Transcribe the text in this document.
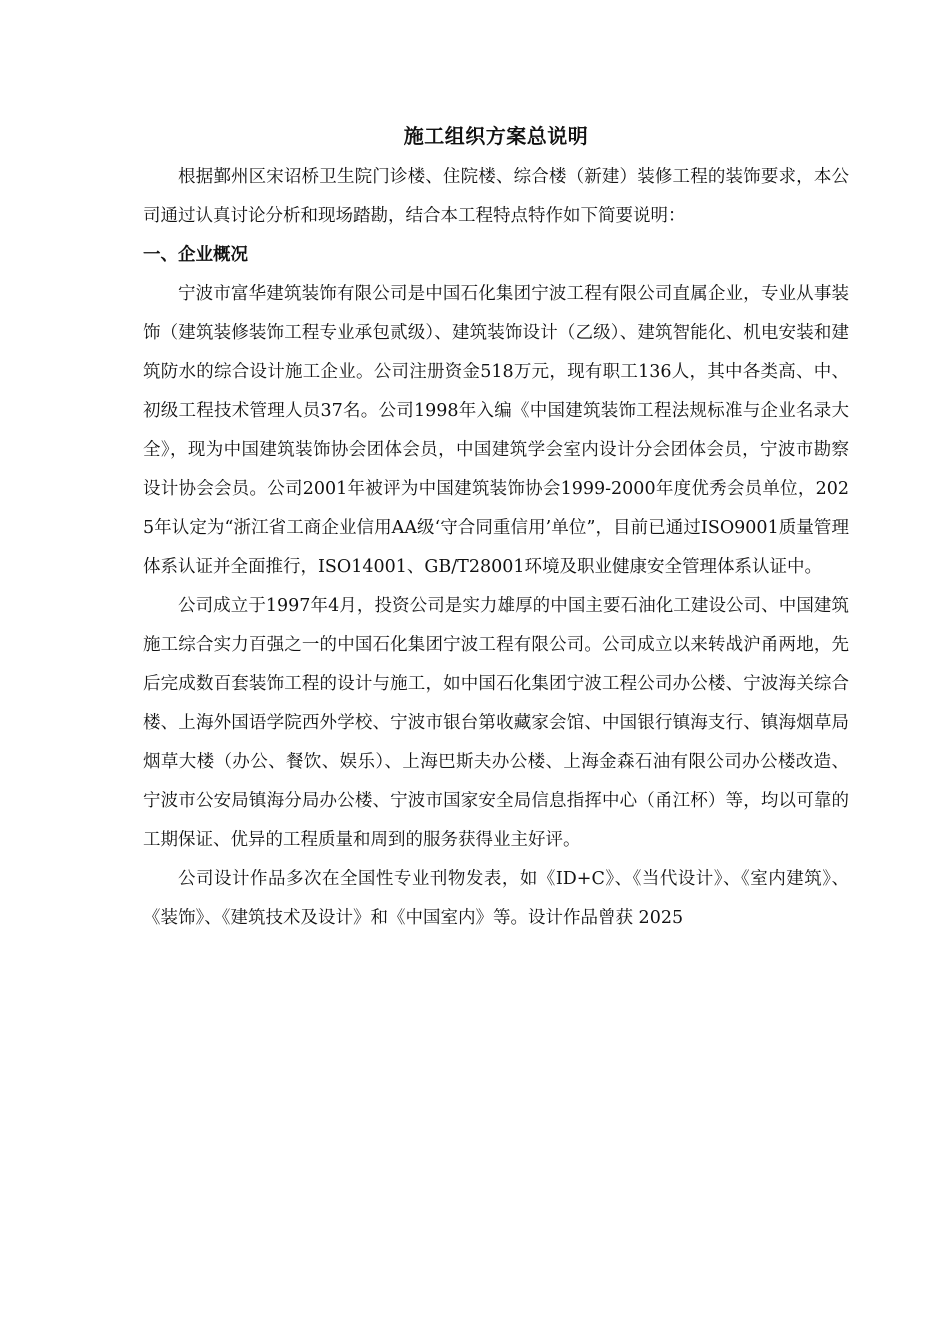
施工组织方案总说明

根据鄞州区宋诏桥卫生院门诊楼、住院楼、综合楼（新建）装修工程的装饰要求，本公司通过认真讨论分析和现场踏勘，结合本工程特点特作如下简要说明：

一、企业概况

宁波市富华建筑装饰有限公司是中国石化集团宁波工程有限公司直属企业，专业从事装饰（建筑装修装饰工程专业承包贰级）、建筑装饰设计（乙级）、建筑智能化、机电安装和建筑防水的综合设计施工企业。公司注册资金518万元，现有职工136人，其中各类高、中、初级工程技术管理人员37名。公司1998年入编《中国建筑装饰工程法规标准与企业名录大全》，现为中国建筑装饰协会团体会员，中国建筑学会室内设计分会团体会员，宁波市勘察设计协会会员。公司2001年被评为中国建筑装饰协会1999-2000年度优秀会员单位，2025年认定为“浙江省工商企业信用AA级‘守合同重信用’单位”，目前已通过ISO9001质量管理体系认证并全面推行，ISO14001、GB/T28001环境及职业健康安全管理体系认证中。

公司成立于1997年4月，投资公司是实力雄厚的中国主要石油化工建设公司、中国建筑施工综合实力百强之一的中国石化集团宁波工程有限公司。公司成立以来转战沪甬两地，先后完成数百套装饰工程的设计与施工，如中国石化集团宁波工程公司办公楼、宁波海关综合楼、上海外国语学院西外学校、宁波市银台第收藏家会馆、中国银行镇海支行、镇海烟草局烟草大楼（办公、餐饮、娱乐）、上海巴斯夫办公楼、上海金森石油有限公司办公楼改造、宁波市公安局镇海分局办公楼、宁波市国家安全局信息指挥中心（甬江杯）等，均以可靠的工期保证、优异的工程质量和周到的服务获得业主好评。

公司设计作品多次在全国性专业刊物发表，如《ID+C》、《当代设计》、《室内建筑》、《装饰》、《建筑技术及设计》和《中国室内》等。设计作品曾获 2025
